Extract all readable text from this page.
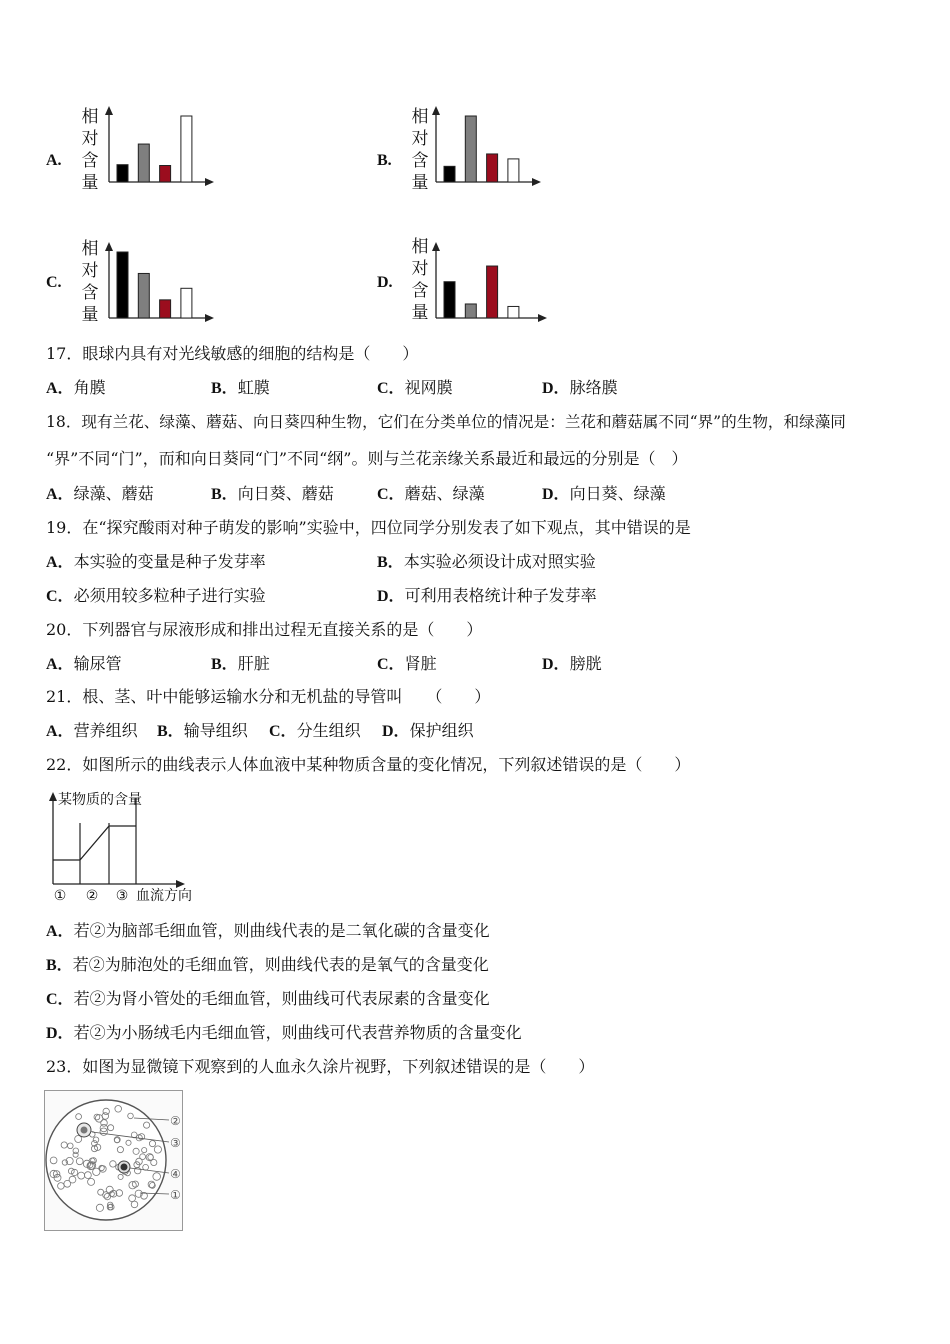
A.
相
对
含
量
B.
相
对
含
量
C.
相
对
含
量
D.
相
对
含
量
17．眼球内具有对光线敏感的细胞的结构是（　　）
A．角膜	B．虹膜	C．视网膜	D．脉络膜
18．现有兰花、绿藻、蘑菇、向日葵四种生物，它们在分类单位的情况是：兰花和蘑菇属不同“界”的生物，和绿藻同
“界”不同“门”，而和向日葵同“门”不同“纲”。则与兰花亲缘关系最近和最远的分别是（　）
A．绿藻、蘑菇	B．向日葵、蘑菇	C．蘑菇、绿藻	D．向日葵、绿藻
19．在“探究酸雨对种子萌发的影响”实验中，四位同学分别发表了如下观点，其中错误的是
A．本实验的变量是种子发芽率	B．本实验必须设计成对照实验
C．必须用较多粒种子进行实验	D．可利用表格统计种子发芽率
20．下列器官与尿液形成和排出过程无直接关系的是（　　）
A．输尿管	B．肝脏	C．肾脏	D．膀胱
21．根、茎、叶中能够运输水分和无机盐的导管叫　　（　　）
A．营养组织 B．输导组织 C．分生组织 D．保护组织
22．如图所示的曲线表示人体血液中某种物质含量的变化情况，下列叙述错误的是（　　）
某物质的含量
① ② ③ 血流方向
A．若②为脑部毛细血管，则曲线代表的是二氧化碳的含量变化
B．若②为肺泡处的毛细血管，则曲线代表的是氧气的含量变化
C．若②为肾小管处的毛细血管，则曲线可代表尿素的含量变化
D．若②为小肠绒毛内毛细血管，则曲线可代表营养物质的含量变化
23．如图为显微镜下观察到的人血永久涂片视野，下列叙述错误的是（　　）
②
③
④
①
